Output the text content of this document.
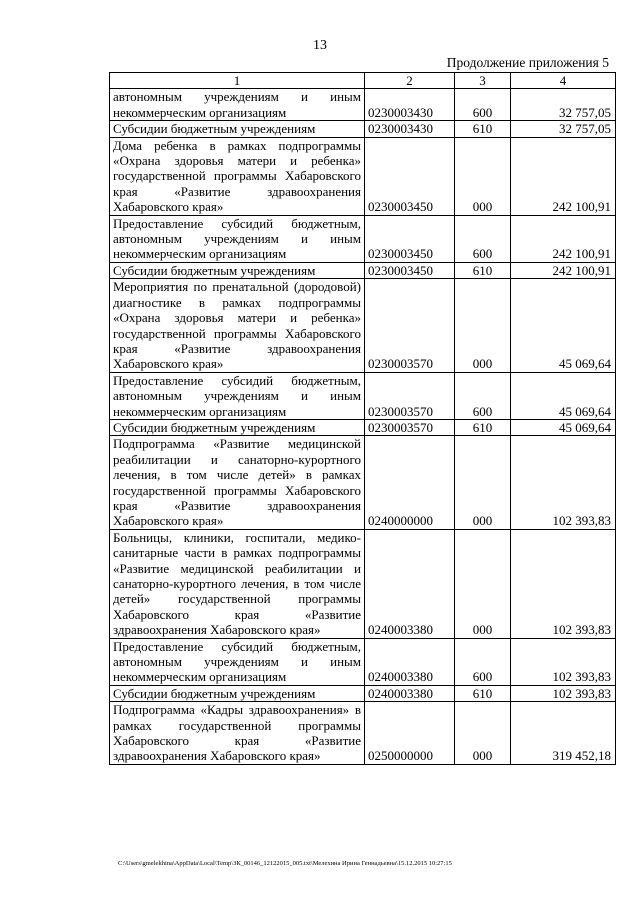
13
Продолжение приложения 5
1	2	3	4
автономным учреждениям и иным некоммерческим организациям	0230003430	600	32 757,05
Субсидии бюджетным учреждениям	0230003430	610	32 757,05
Дома ребенка в рамках подпрограммы «Охрана здоровья матери и ребенка» государственной программы Хабаровского края «Развитие здравоохранения Хабаровского края»	0230003450	000	242 100,91
Предоставление субсидий бюджетным, автономным учреждениям и иным некоммерческим организациям	0230003450	600	242 100,91
Субсидии бюджетным учреждениям	0230003450	610	242 100,91
Мероприятия по пренатальной (дородовой) диагностике в рамках подпрограммы «Охрана здоровья матери и ребенка» государственной программы Хабаровского края «Развитие здравоохранения Хабаровского края»	0230003570	000	45 069,64
Предоставление субсидий бюджетным, автономным учреждениям и иным некоммерческим организациям	0230003570	600	45 069,64
Субсидии бюджетным учреждениям	0230003570	610	45 069,64
Подпрограмма «Развитие медицинской реабилитации и санаторно-курортного лечения, в том числе детей» в рамках государственной программы Хабаровского края «Развитие здравоохранения Хабаровского края»	0240000000	000	102 393,83
Больницы, клиники, госпитали, медико-санитарные части в рамках подпрограммы «Развитие медицинской реабилитации и санаторно-курортного лечения, в том числе детей» государственной программы Хабаровского края «Развитие здравоохранения Хабаровского края»	0240003380	000	102 393,83
Предоставление субсидий бюджетным, автономным учреждениям и иным некоммерческим организациям	0240003380	600	102 393,83
Субсидии бюджетным учреждениям	0240003380	610	102 393,83
Подпрограмма «Кадры здравоохранения» в рамках государственной программы Хабаровского края «Развитие здравоохранения Хабаровского края»	0250000000	000	319 452,18
C:\Users\gmelekhina\AppData\Local\Temp\ЗК_00146_12122015_005.txt\Мелехина Ирина Геннадьевна\15.12.2015 10:27:15
